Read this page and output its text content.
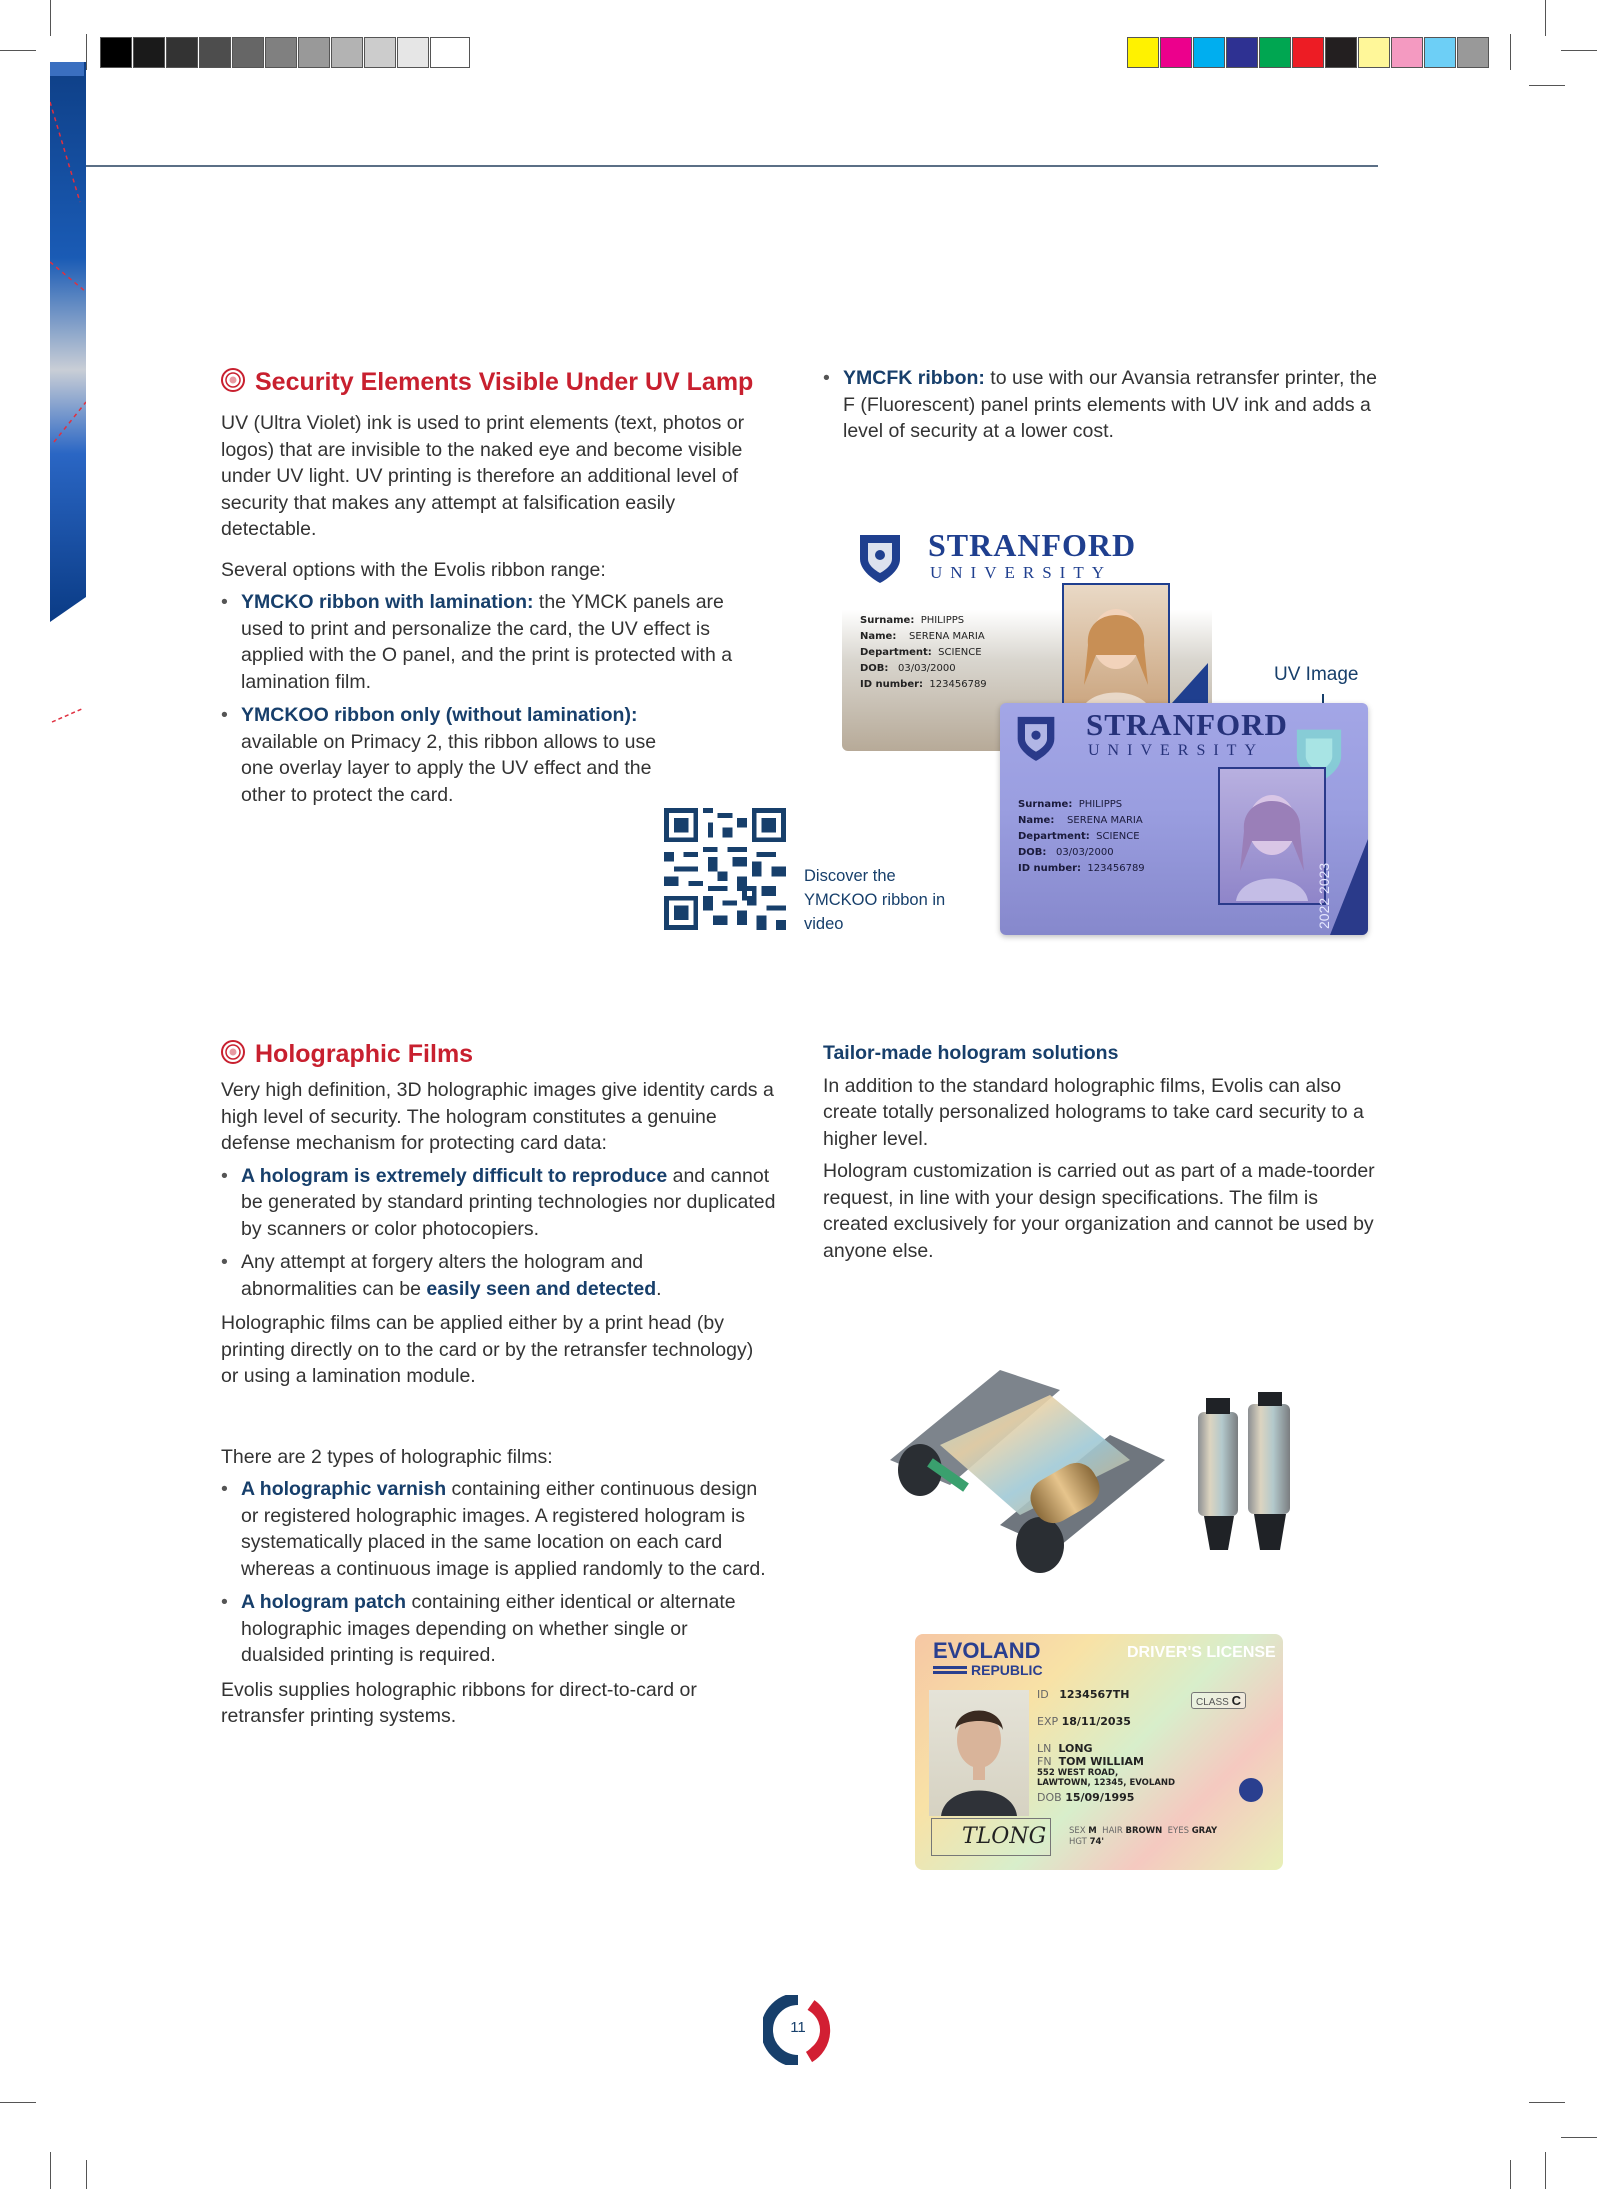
Security Elements Visible Under UV Lamp

UV (Ultra Violet) ink is used to print elements (text, photos or logos) that are invisible to the naked eye and become visible under UV light. UV printing is therefore an additional level of security that makes any attempt at falsification easily detectable.

Several options with the Evolis ribbon range:

• YMCKO ribbon with lamination: the YMCK panels are used to print and personalize the card, the UV effect is applied with the O panel, and the print is protected with a lamination film.
• YMCKOO ribbon only (without lamination): available on Primacy 2, this ribbon allows to use one overlay layer to apply the UV effect and the other to protect the card.
• YMCFK ribbon: to use with our Avansia retransfer printer, the F (Fluorescent) panel prints elements with UV ink and adds a level of security at a lower cost.
Discover the YMCKOO ribbon in video
STRANFORD
UNIVERSITY
Surname: PHILIPPS
Name: SERENA MARIA
Department: SCIENCE
DOB: 03/03/2000
ID number: 123456789	UV Image
STRANFORD
UNIVERSITY
Surname: PHILIPPS
Name: SERENA MARIA
Department: SCIENCE
DOB: 03/03/2000
ID number: 123456789	2022 2023
Holographic Films

Very high definition, 3D holographic images give identity cards a high level of security. The hologram constitutes a genuine defense mechanism for protecting card data:

• A hologram is extremely difficult to reproduce and cannot be generated by standard printing technologies nor duplicated by scanners or color photocopiers.
• Any attempt at forgery alters the hologram and abnormalities can be easily seen and detected.

Holographic films can be applied either by a print head (by printing directly on to the card or by the retransfer technology) or using a lamination module.

There are 2 types of holographic films:

• A holographic varnish containing either continuous design or registered holographic images. A registered hologram is systematically placed in the same location on each card whereas a continuous image is applied randomly to the card.
• A hologram patch containing either identical or alternate holographic images depending on whether single or dualsided printing is required.

Evolis supplies holographic ribbons for direct-to-card or retransfer printing systems.

Tailor-made hologram solutions

In addition to the standard holographic films, Evolis can also create totally personalized holograms to take card security to a higher level.

Hologram customization is carried out as part of a made-toorder request, in line with your design specifications. The film is created exclusively for your organization and cannot be used by anyone else.

EVOLAND
REPUBLIC
DRIVER'S LICENSE
TLONG
ID 1234567TH
EXP 18/11/2035
LN LONG
FN TOM WILLIAM
552 WEST ROAD,
LAWTOWN, 12345, EVOLAND
DOB 15/09/1995
CLASS C
SEX M HAIR BROWN EYES GRAY
HGT 74'
11
